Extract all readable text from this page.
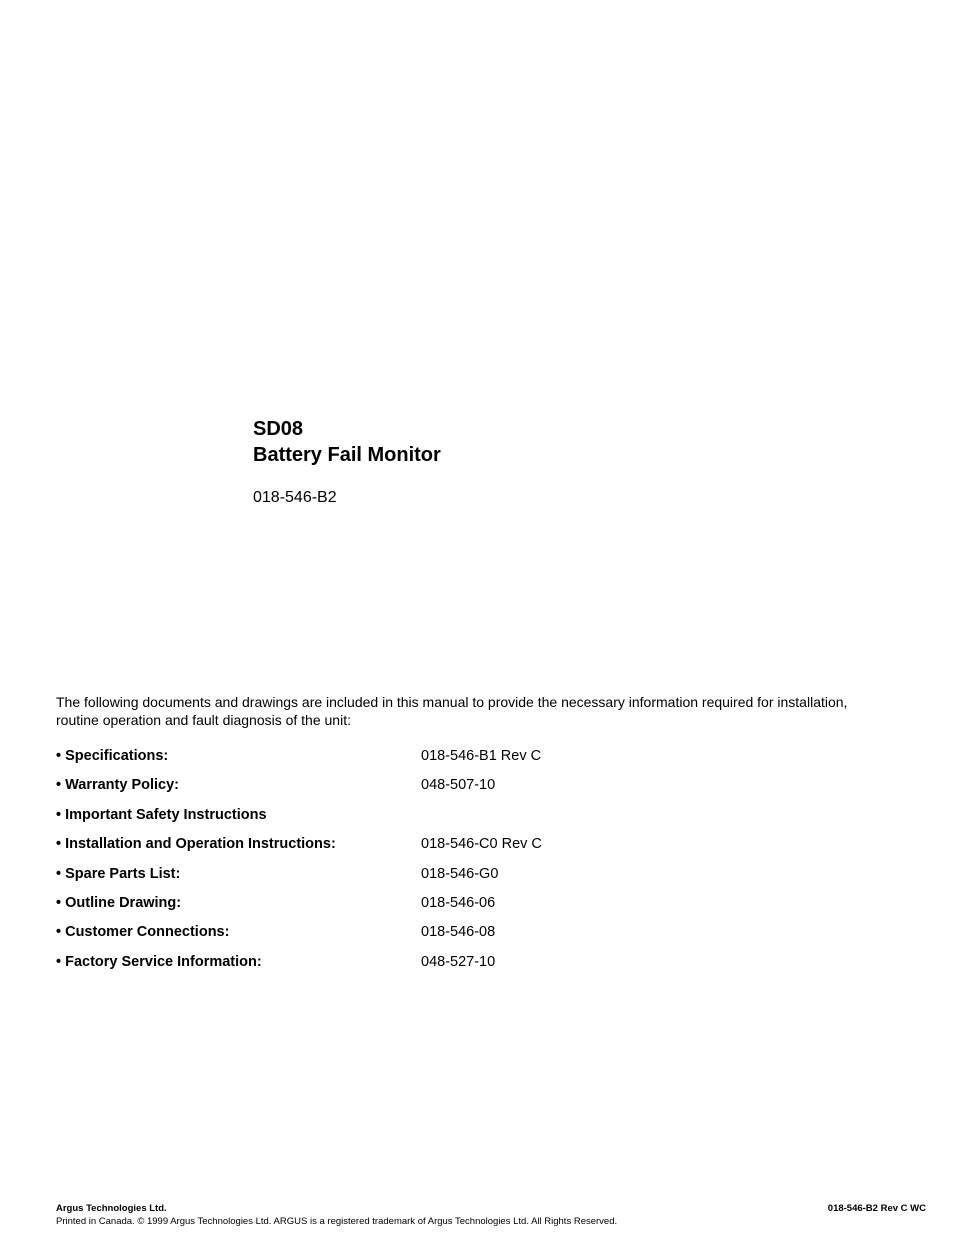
SD08

Battery Fail Monitor

018-546-B2

The following documents and drawings are included in this manual to provide the necessary information required for installation, routine operation and fault diagnosis of the unit:

• Specifications:	018-546-B1 Rev C
• Warranty Policy:	048-507-10
• Important Safety Instructions
• Installation and Operation Instructions:	018-546-C0 Rev C
• Spare Parts List:	018-546-G0
• Outline Drawing:	018-546-06
• Customer Connections:	018-546-08
• Factory Service Information:	048-527-10
Argus Technologies Ltd.
Printed in Canada. © 1999 Argus Technologies Ltd. ARGUS is a registered trademark of Argus Technologies Ltd. All Rights Reserved.
018-546-B2 Rev C WC
